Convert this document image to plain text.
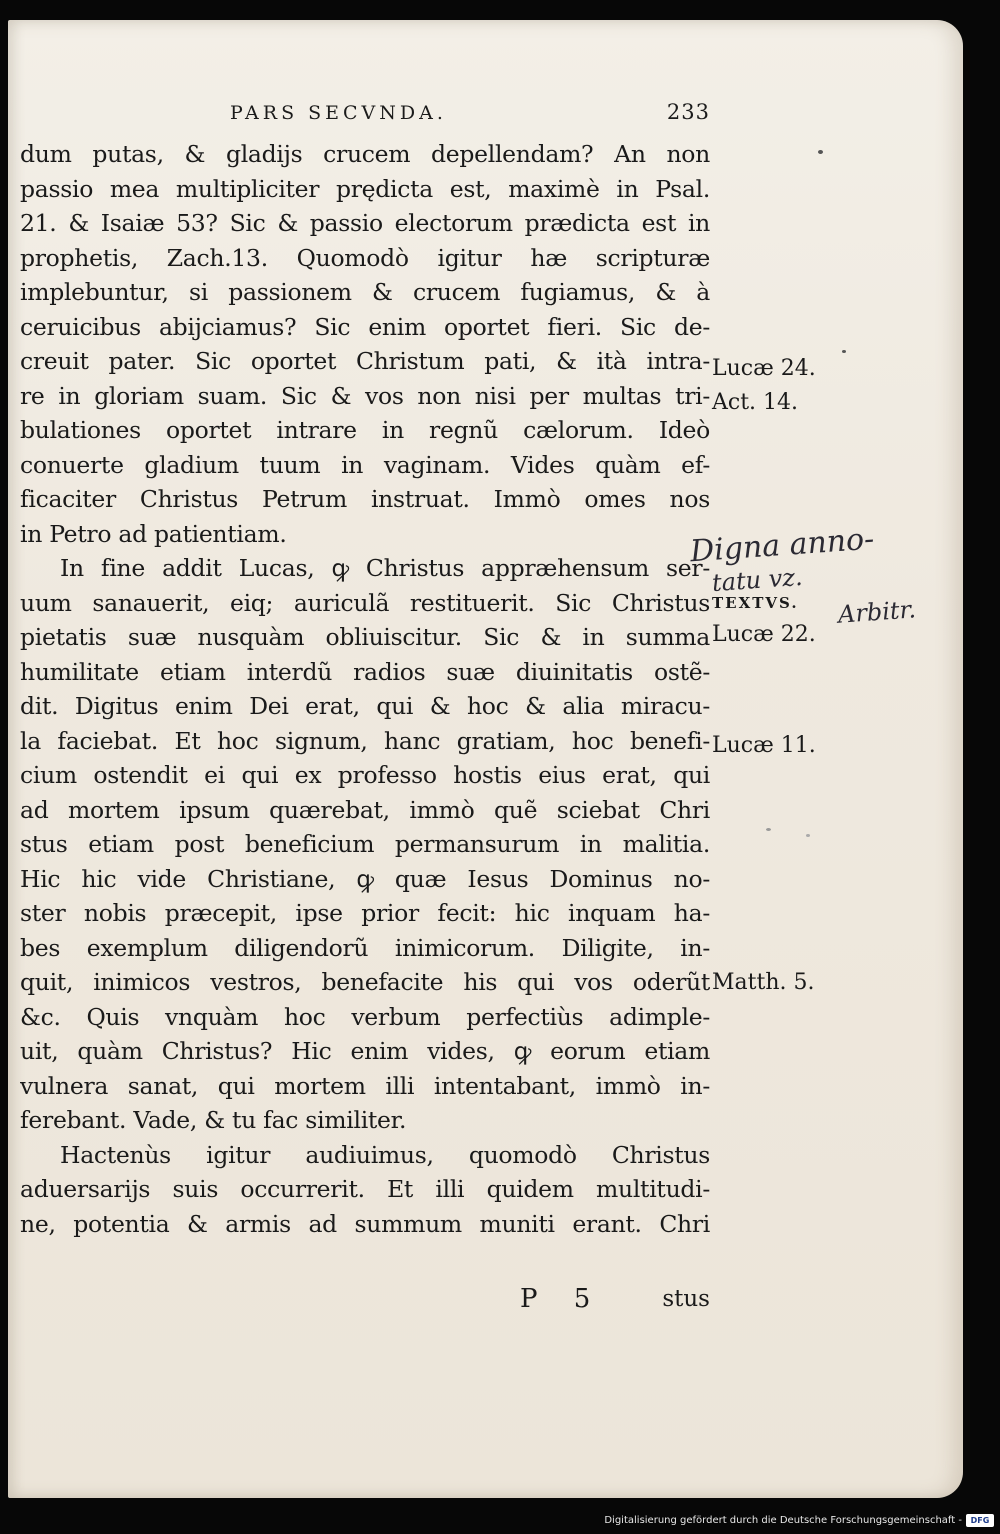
PARS SECVNDA.	233
dum putas, & gladijs crucem depellendam? An non
passio mea multipliciter prędicta est, maximè in Psal.
21. & Isaiæ 53? Sic & passio electorum prædicta est in
prophetis, Zach.13. Quomodò igitur hæ scripturæ
implebuntur, si passionem & crucem fugiamus, & à
ceruicibus abijciamus? Sic enim oportet fieri. Sic de-
creuit pater. Sic oportet Christum pati, & ità intra-
re in gloriam suam. Sic & vos non nisi per multas tri-
bulationes oportet intrare in regnũ cælorum. Ideò
conuerte gladium tuum in vaginam. Vides quàm ef-
ficaciter Christus Petrum instruat. Immò omes nos
in Petro ad patientiam.
In fine addit Lucas, ꝙ Christus appræhensum ser-
uum sanauerit, eiq; auriculã restituerit. Sic Christus
pietatis suæ nusquàm obliuiscitur. Sic & in summa
humilitate etiam interdũ radios suæ diuinitatis ostẽ-
dit. Digitus enim Dei erat, qui & hoc & alia miracu-
la faciebat. Et hoc signum, hanc gratiam, hoc benefi-
cium ostendit ei qui ex professo hostis eius erat, qui
ad mortem ipsum quærebat, immò quẽ sciebat Chri
stus etiam post beneficium permansurum in malitia.
Hic hic vide Christiane, ꝙ quæ Iesus Dominus no-
ster nobis præcepit, ipse prior fecit: hic inquam ha-
bes exemplum diligendorũ inimicorum. Diligite, in-
quit, inimicos vestros, benefacite his qui vos oderũt
&c. Quis vnquàm hoc verbum perfectiùs adimple-
uit, quàm Christus? Hic enim vides, ꝙ eorum etiam
vulnera sanat, qui mortem illi intentabant, immò in-
ferebant. Vade, & tu fac similiter.
Hactenùs igitur audiuimus, quomodò Christus
aduersarijs suis occurrerit. Et illi quidem multitudi-
ne, potentia & armis ad summum muniti erant. Chri
Lucæ 24.
Act. 14.
TEXTVS.
Lucæ 22.
Lucæ 11.
Matth. 5.
Digna anno-
tatu vz.
Arbitr.
P 5	stus
Digitalisierung gefördert durch die Deutsche Forschungsgemeinschaft -	DFG
